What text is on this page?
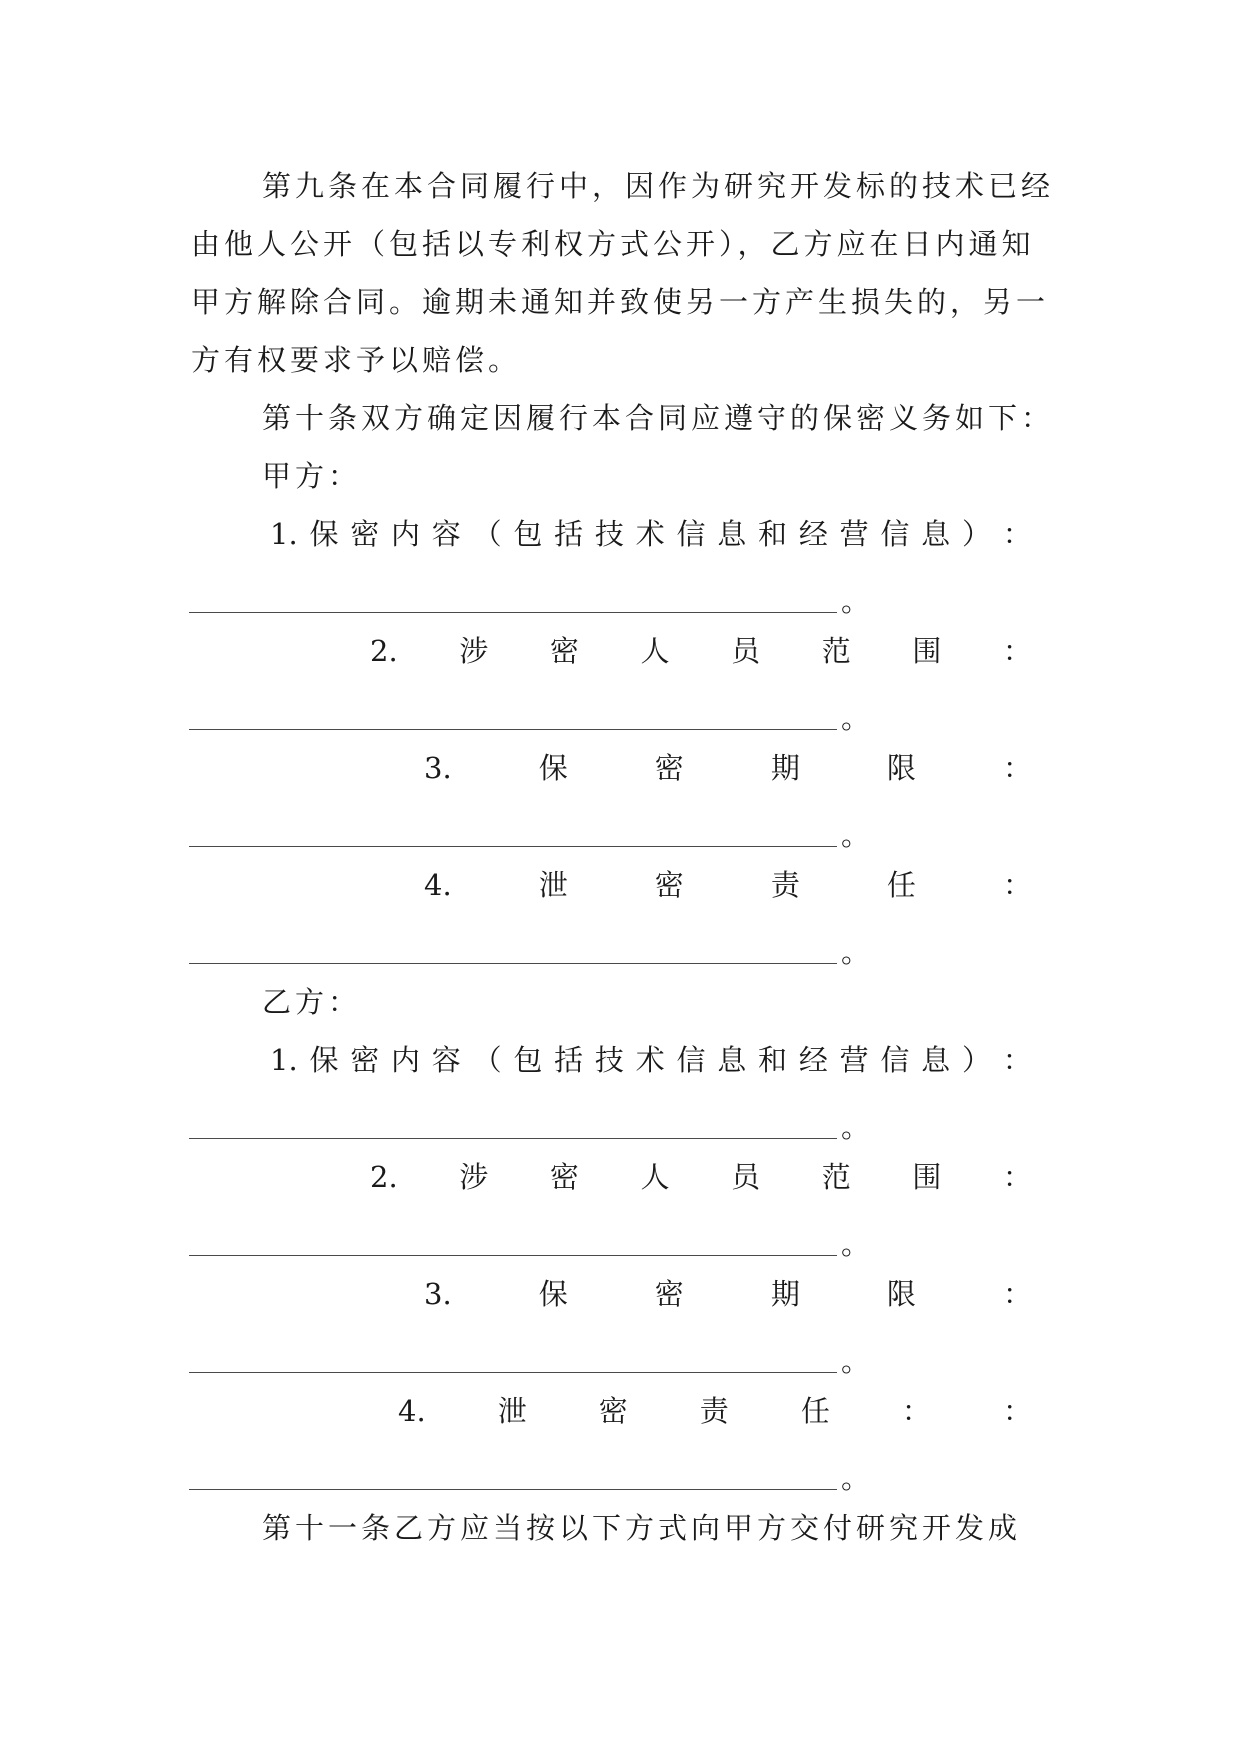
第九条在本合同履行中，因作为研究开发标的技术已经
由他人公开（包括以专利权方式公开），乙方应在日内通知
甲方解除合同。逾期未通知并致使另一方产生损失的，另一
方有权要求予以赔偿。
第十条双方确定因履行本合同应遵守的保密义务如下：
甲方：
1. 保 密 内 容 （ 包 括 技 术 信 息 和 经 营 信 息 ） ：
。
2. 涉 密 人 员 范 围 ：
。
3.	保	密	期	限	：
。
4.	泄	密	责	任	：
。
乙方：
1. 保 密 内 容 （ 包 括 技 术 信 息 和 经 营 信 息 ） ：
。
2. 涉 密 人 员 范 围 ：
。
3.	保	密	期	限	：
。
4. 泄 密 责 任 ： ：
。
第十一条乙方应当按以下方式向甲方交付研究开发成
